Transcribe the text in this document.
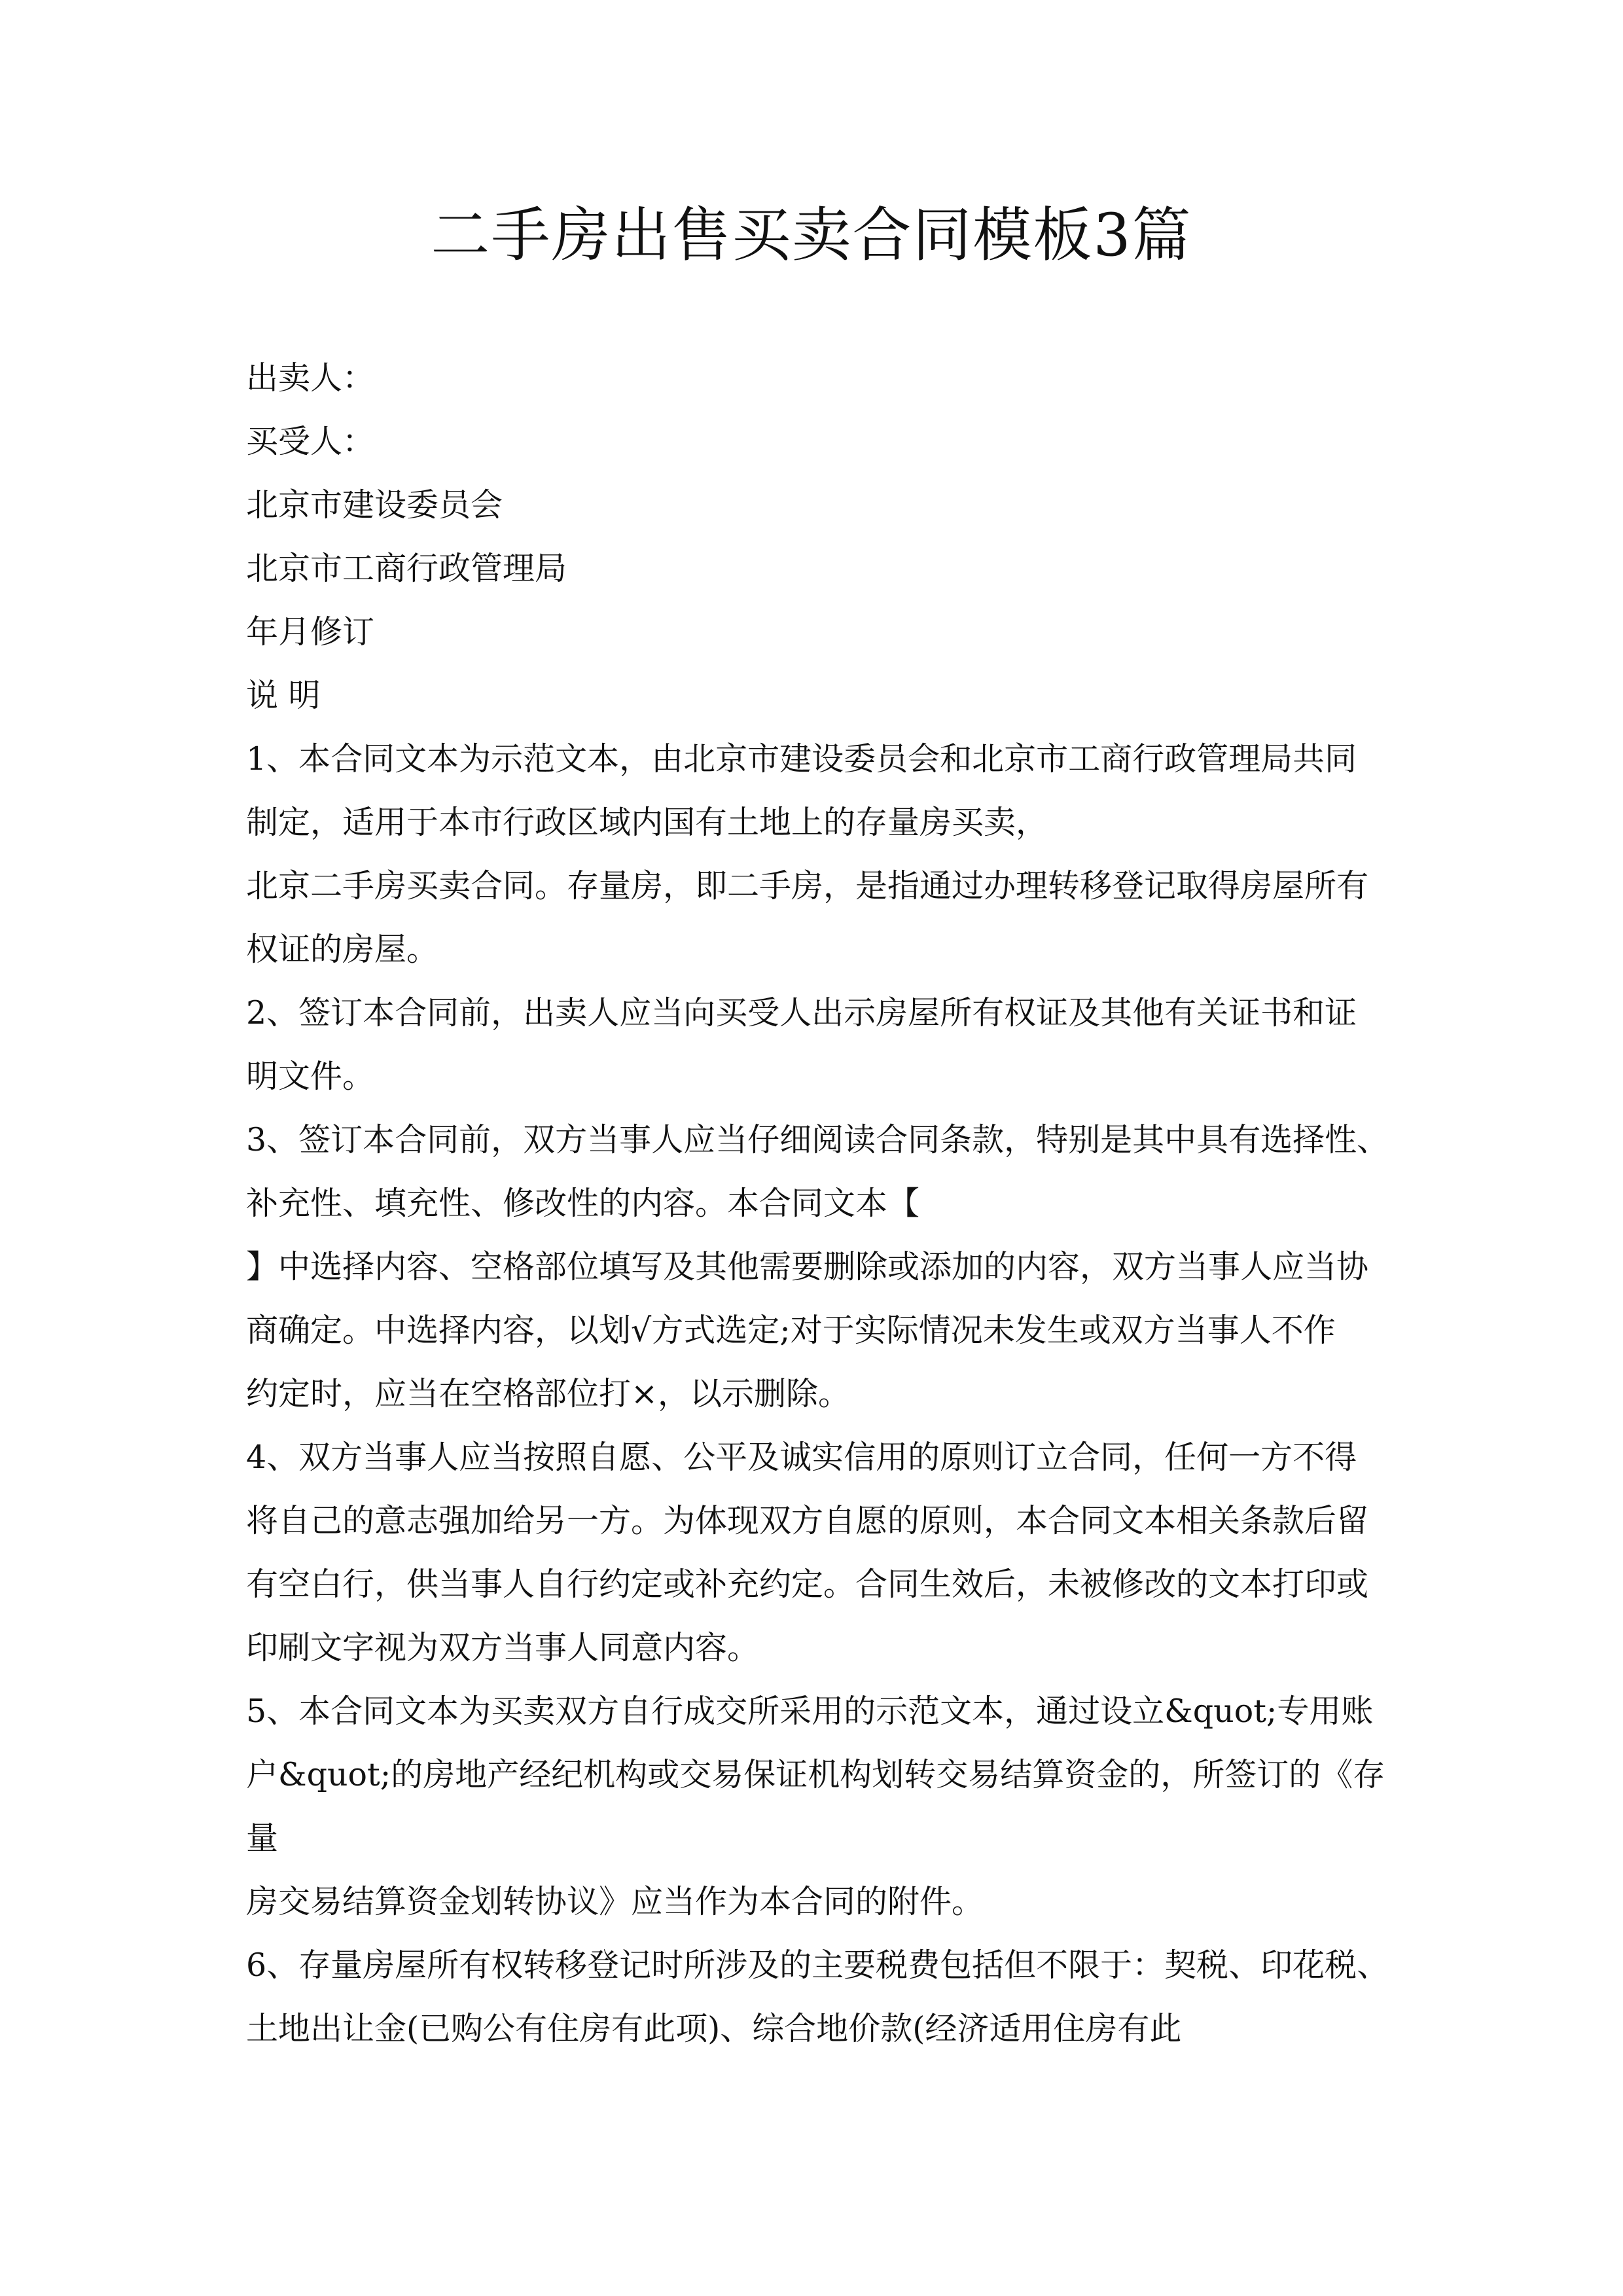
二手房出售买卖合同模板3篇
出卖人：
买受人：
北京市建设委员会
北京市工商行政管理局
年月修订
说 明
1、本合同文本为示范文本，由北京市建设委员会和北京市工商行政管理局共同
制定，适用于本市行政区域内国有土地上的存量房买卖，
北京二手房买卖合同。存量房，即二手房，是指通过办理转移登记取得房屋所有
权证的房屋。
2、签订本合同前，出卖人应当向买受人出示房屋所有权证及其他有关证书和证
明文件。
3、签订本合同前，双方当事人应当仔细阅读合同条款，特别是其中具有选择性、
补充性、填充性、修改性的内容。本合同文本【
】中选择内容、空格部位填写及其他需要删除或添加的内容，双方当事人应当协
商确定。中选择内容，以划√方式选定;对于实际情况未发生或双方当事人不作
约定时，应当在空格部位打×，以示删除。
4、双方当事人应当按照自愿、公平及诚实信用的原则订立合同，任何一方不得
将自己的意志强加给另一方。为体现双方自愿的原则，本合同文本相关条款后留
有空白行，供当事人自行约定或补充约定。合同生效后，未被修改的文本打印或
印刷文字视为双方当事人同意内容。
5、本合同文本为买卖双方自行成交所采用的示范文本，通过设立&quot;专用账
户&quot;的房地产经纪机构或交易保证机构划转交易结算资金的，所签订的《存
量
房交易结算资金划转协议》应当作为本合同的附件。
6、存量房屋所有权转移登记时所涉及的主要税费包括但不限于：契税、印花税、
土地出让金(已购公有住房有此项)、综合地价款(经济适用住房有此
